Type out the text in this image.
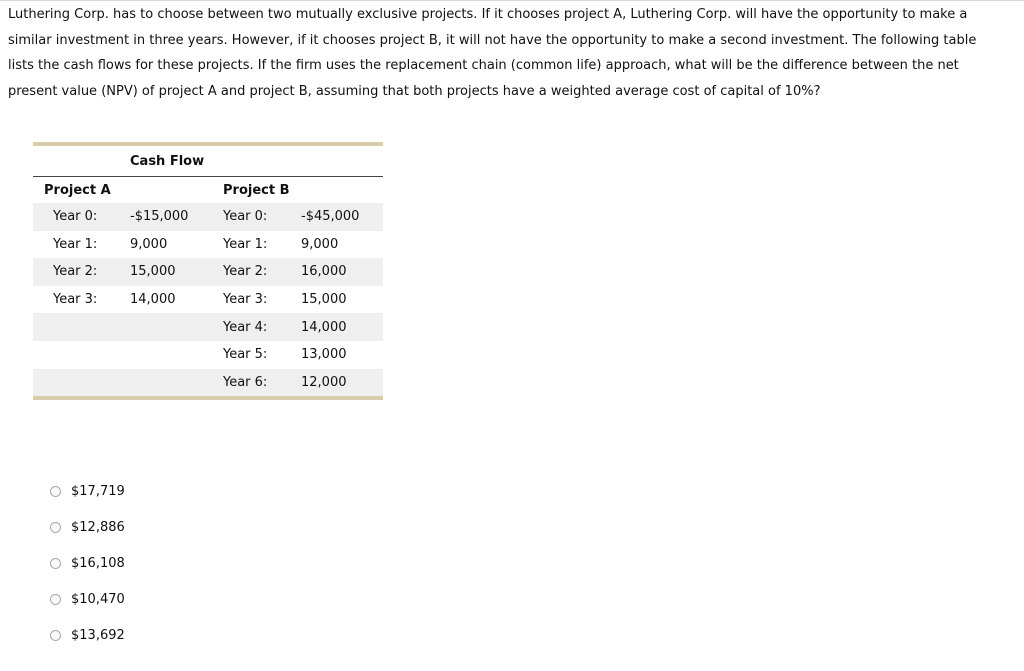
Luthering Corp. has to choose between two mutually exclusive projects. If it chooses project A, Luthering Corp. will have the opportunity to make a similar investment in three years. However, if it chooses project B, it will not have the opportunity to make a second investment. The following table lists the cash flows for these projects. If the firm uses the replacement chain (common life) approach, what will be the difference between the net present value (NPV) of project A and project B, assuming that both projects have a weighted average cost of capital of 10%?

		Cash Flow		
Project A			Project B	
Year 0:		-$15,000	Year 0:	-$45,000
Year 1:		9,000	Year 1:	9,000
Year 2:		15,000	Year 2:	16,000
Year 3:		14,000	Year 3:	15,000
			Year 4:	14,000
			Year 5:	13,000
			Year 6:	12,000
$17,719
$12,886
$16,108
$10,470
$13,692
